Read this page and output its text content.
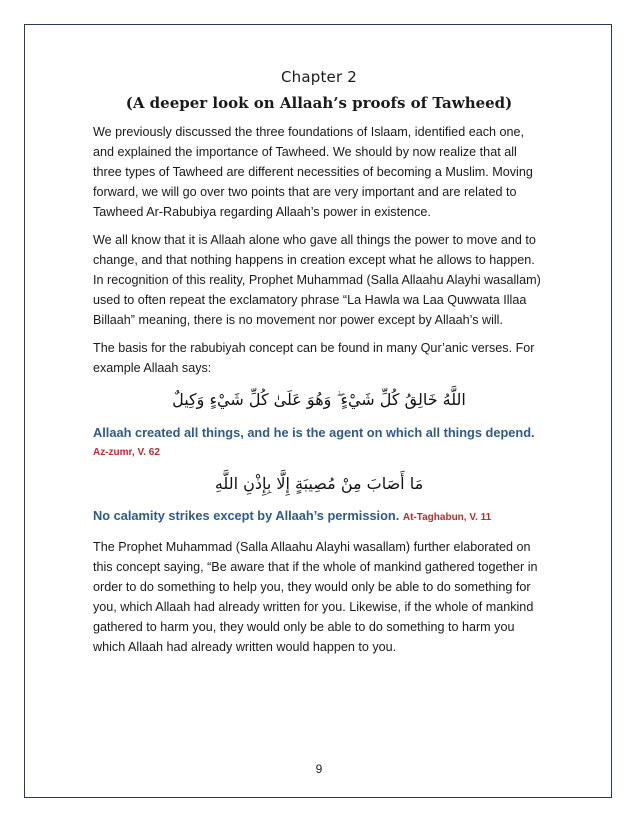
Chapter 2
(A deeper look on Allaah’s proofs of Tawheed)

We previously discussed the three foundations of Islaam, identified each one,
and explained the importance of Tawheed. We should by now realize that all
three types of Tawheed are different necessities of becoming a Muslim. Moving
forward, we will go over two points that are very important and are related to
Tawheed Ar-Rabubiya regarding Allaah’s power in existence.

We all know that it is Allaah alone who gave all things the power to move and to
change, and that nothing happens in creation except what he allows to happen.
In recognition of this reality, Prophet Muhammad (Salla Allaahu Alayhi wasallam)
used to often repeat the exclamatory phrase “La Hawla wa Laa Quwwata Illaa
Billaah” meaning, there is no movement nor power except by Allaah’s will.

The basis for the rabubiyah concept can be found in many Qur’anic verses. For
example Allaah says:

اللَّهُ خَالِقُ كُلِّ شَيْءٍ ۖ وَهُوَ عَلَىٰ كُلِّ شَيْءٍ وَكِيلٌ
Allaah created all things, and he is the agent on which all things depend. Az-zumr, V. 62
مَا أَصَابَ مِنْ مُصِيبَةٍ إِلَّا بِإِذْنِ اللَّهِ
No calamity strikes except by Allaah’s permission. At-Taghabun, V. 11

The Prophet Muhammad (Salla Allaahu Alayhi wasallam) further elaborated on
this concept saying, “Be aware that if the whole of mankind gathered together in
order to do something to help you, they would only be able to do something for
you, which Allaah had already written for you. Likewise, if the whole of mankind
gathered to harm you, they would only be able to do something to harm you
which Allaah had already written would happen to you.

9
